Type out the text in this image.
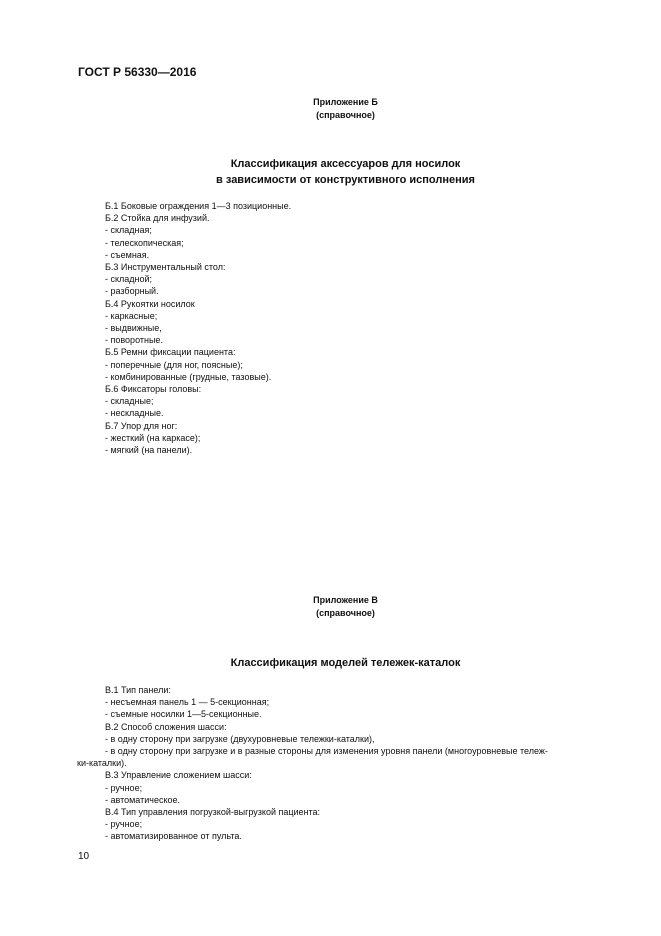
ГОСТ Р 56330—2016
Приложение Б
(справочное)
Классификация аксессуаров для носилок
в зависимости от конструктивного исполнения
Б.1 Боковые ограждения 1—3 позиционные.
Б.2 Стойка для инфузий.
- складная;
- телескопическая;
- съемная.
Б.3 Инструментальный стол:
- складной;
- разборный.
Б.4 Рукоятки носилок
- каркасные;
- выдвижные,
- поворотные.
Б.5 Ремни фиксации пациента:
- поперечные (для ног, поясные);
- комбинированные (грудные, тазовые).
Б.6 Фиксаторы головы:
- складные;
- нескладные.
Б.7 Упор для ног:
- жесткий (на каркасе);
- мягкий (на панели).
Приложение В
(справочное)
Классификация моделей тележек-каталок
В.1 Тип панели:
- несъемная панель 1 — 5-секционная;
- съемные носилки 1—5-секционные.
В.2 Способ сложения шасси:
- в одну сторону при загрузке (двухуровневые тележки-каталки),
- в одну сторону при загрузке и в разные стороны для изменения уровня панели (многоуровневые тележ-
ки-каталки).
В.3 Управление сложением шасси:
- ручное;
- автоматическое.
В.4 Тип управления погрузкой-выгрузкой пациента:
- ручное;
- автоматизированное от пульта.
10
